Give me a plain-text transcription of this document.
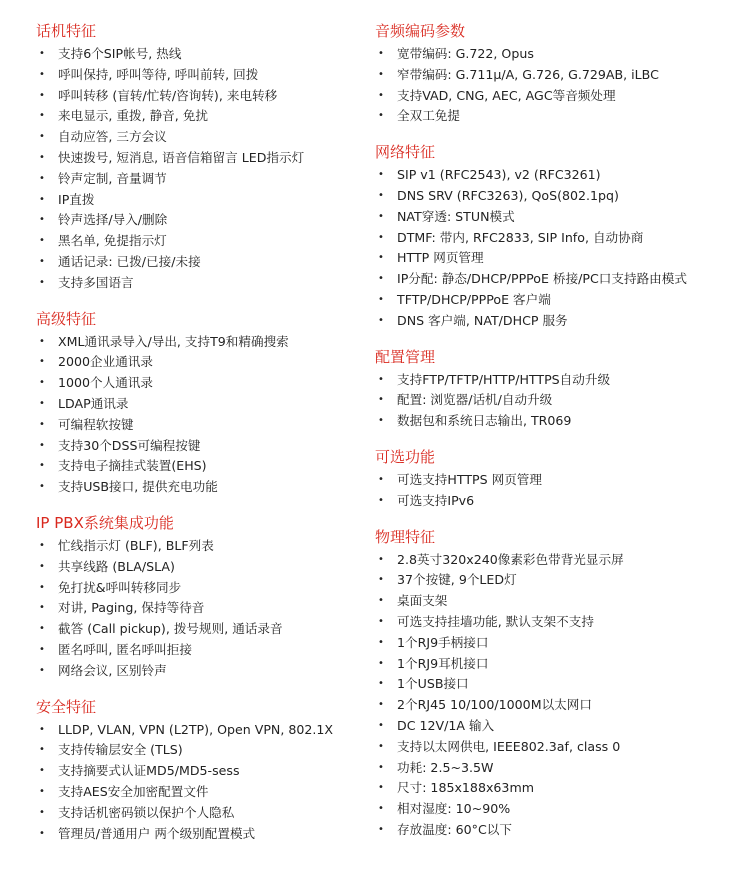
话机特征
• 支持6个SIP帐号, 热线
• 呼叫保持, 呼叫等待, 呼叫前转, 回拨
• 呼叫转移 (盲转/忙转/咨询转), 来电转移
• 来电显示, 重拨, 静音, 免扰
• 自动应答, 三方会议
• 快速拨号, 短消息, 语音信箱留言 LED指示灯
• 铃声定制, 音量调节
• IP直拨
• 铃声选择/导入/删除
• 黑名单, 免提指示灯
• 通话记录: 已拨/已接/未接
• 支持多国语言
高级特征
• XML通讯录导入/导出, 支持T9和精确搜索
• 2000企业通讯录
• 1000个人通讯录
• LDAP通讯录
• 可编程软按键
• 支持30个DSS可编程按键
• 支持电子摘挂式装置(EHS)
• 支持USB接口, 提供充电功能
IP PBX系统集成功能
• 忙线指示灯 (BLF), BLF列表
• 共享线路 (BLA/SLA)
• 免打扰&呼叫转移同步
• 对讲, Paging, 保持等待音
• 截答 (Call pickup), 拨号规则, 通话录音
• 匿名呼叫, 匿名呼叫拒接
• 网络会议, 区别铃声
安全特征
• LLDP, VLAN, VPN (L2TP), Open VPN, 802.1X
• 支持传输层安全 (TLS)
• 支持摘要式认证MD5/MD5-sess
• 支持AES安全加密配置文件
• 支持话机密码锁以保护个人隐私
• 管理员/普通用户 两个级别配置模式
音频编码参数
• 宽带编码: G.722, Opus
• 窄带编码: G.711μ/A, G.726, G.729AB, iLBC
• 支持VAD, CNG, AEC, AGC等音频处理
• 全双工免提
网络特征
• SIP v1 (RFC2543), v2 (RFC3261)
• DNS SRV (RFC3263), QoS(802.1pq)
• NAT穿透: STUN模式
• DTMF: 带内, RFC2833, SIP Info, 自动协商
• HTTP 网页管理
• IP分配: 静态/DHCP/PPPoE 桥接/PC口支持路由模式
• TFTP/DHCP/PPPoE 客户端
• DNS 客户端, NAT/DHCP 服务
配置管理
• 支持FTP/TFTP/HTTP/HTTPS自动升级
• 配置: 浏览器/话机/自动升级
• 数据包和系统日志输出, TR069
可选功能
• 可选支持HTTPS 网页管理
• 可选支持IPv6
物理特征
• 2.8英寸320x240像素彩色带背光显示屏
• 37个按键, 9个LED灯
• 桌面支架
• 可选支持挂墙功能, 默认支架不支持
• 1个RJ9手柄接口
• 1个RJ9耳机接口
• 1个USB接口
• 2个RJ45 10/100/1000M以太网口
• DC 12V/1A 输入
• 支持以太网供电, IEEE802.3af, class 0
• 功耗: 2.5~3.5W
• 尺寸: 185x188x63mm
• 相对湿度: 10~90%
• 存放温度: 60°C以下
